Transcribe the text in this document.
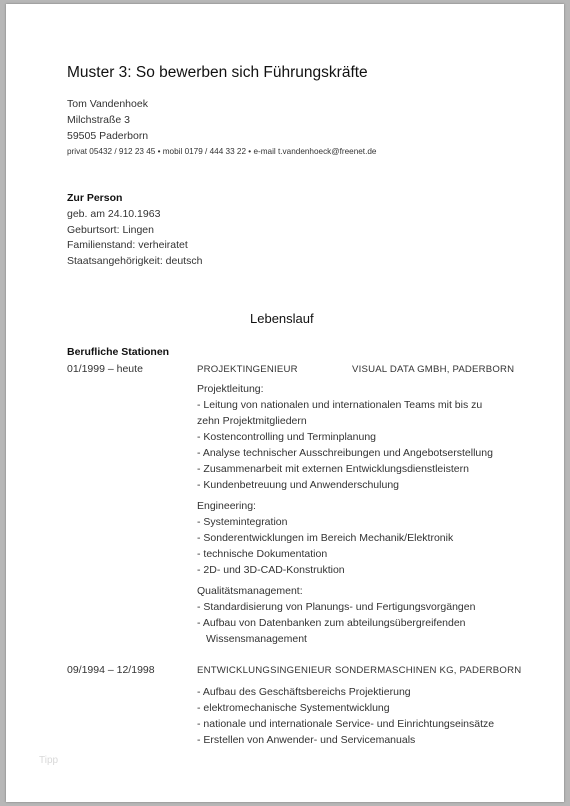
Muster 3: So bewerben sich Führungskräfte
Tom Vandenhoek
Milchstraße 3
59505 Paderborn
privat 05432 / 912 23 45 • mobil 0179 / 444 33 22 • e-mail t.vandenhoeck@freenet.de
Zur Person
geb. am 24.10.1963
Geburtsort: Lingen
Familienstand: verheiratet
Staatsangehörigkeit: deutsch
Lebenslauf
Berufliche Stationen
01/1999 – heute	PROJEKTINGENIEUR	VISUAL DATA GMBH, PADERBORN
Projektleitung:
- Leitung von nationalen und internationalen Teams mit bis zu
zehn Projektmitgliedern
- Kostencontrolling und Terminplanung
- Analyse technischer Ausschreibungen und Angebotserstellung
- Zusammenarbeit mit externen Entwicklungsdienstleistern
- Kundenbetreuung und Anwenderschulung
Engineering:
- Systemintegration
- Sonderentwicklungen im Bereich Mechanik/Elektronik
- technische Dokumentation
- 2D- und 3D-CAD-Konstruktion
Qualitätsmanagement:
- Standardisierung von Planungs- und Fertigungsvorgängen
- Aufbau von Datenbanken zum abteilungsübergreifenden
Wissensmanagement
09/1994 – 12/1998	ENTWICKLUNGSINGENIEUR SONDERMASCHINEN KG, PADERBORN
- Aufbau des Geschäftsbereichs Projektierung
- elektromechanische Systementwicklung
- nationale und internationale Service- und Einrichtungseinsätze
- Erstellen von Anwender- und Servicemanuals
Tipp
